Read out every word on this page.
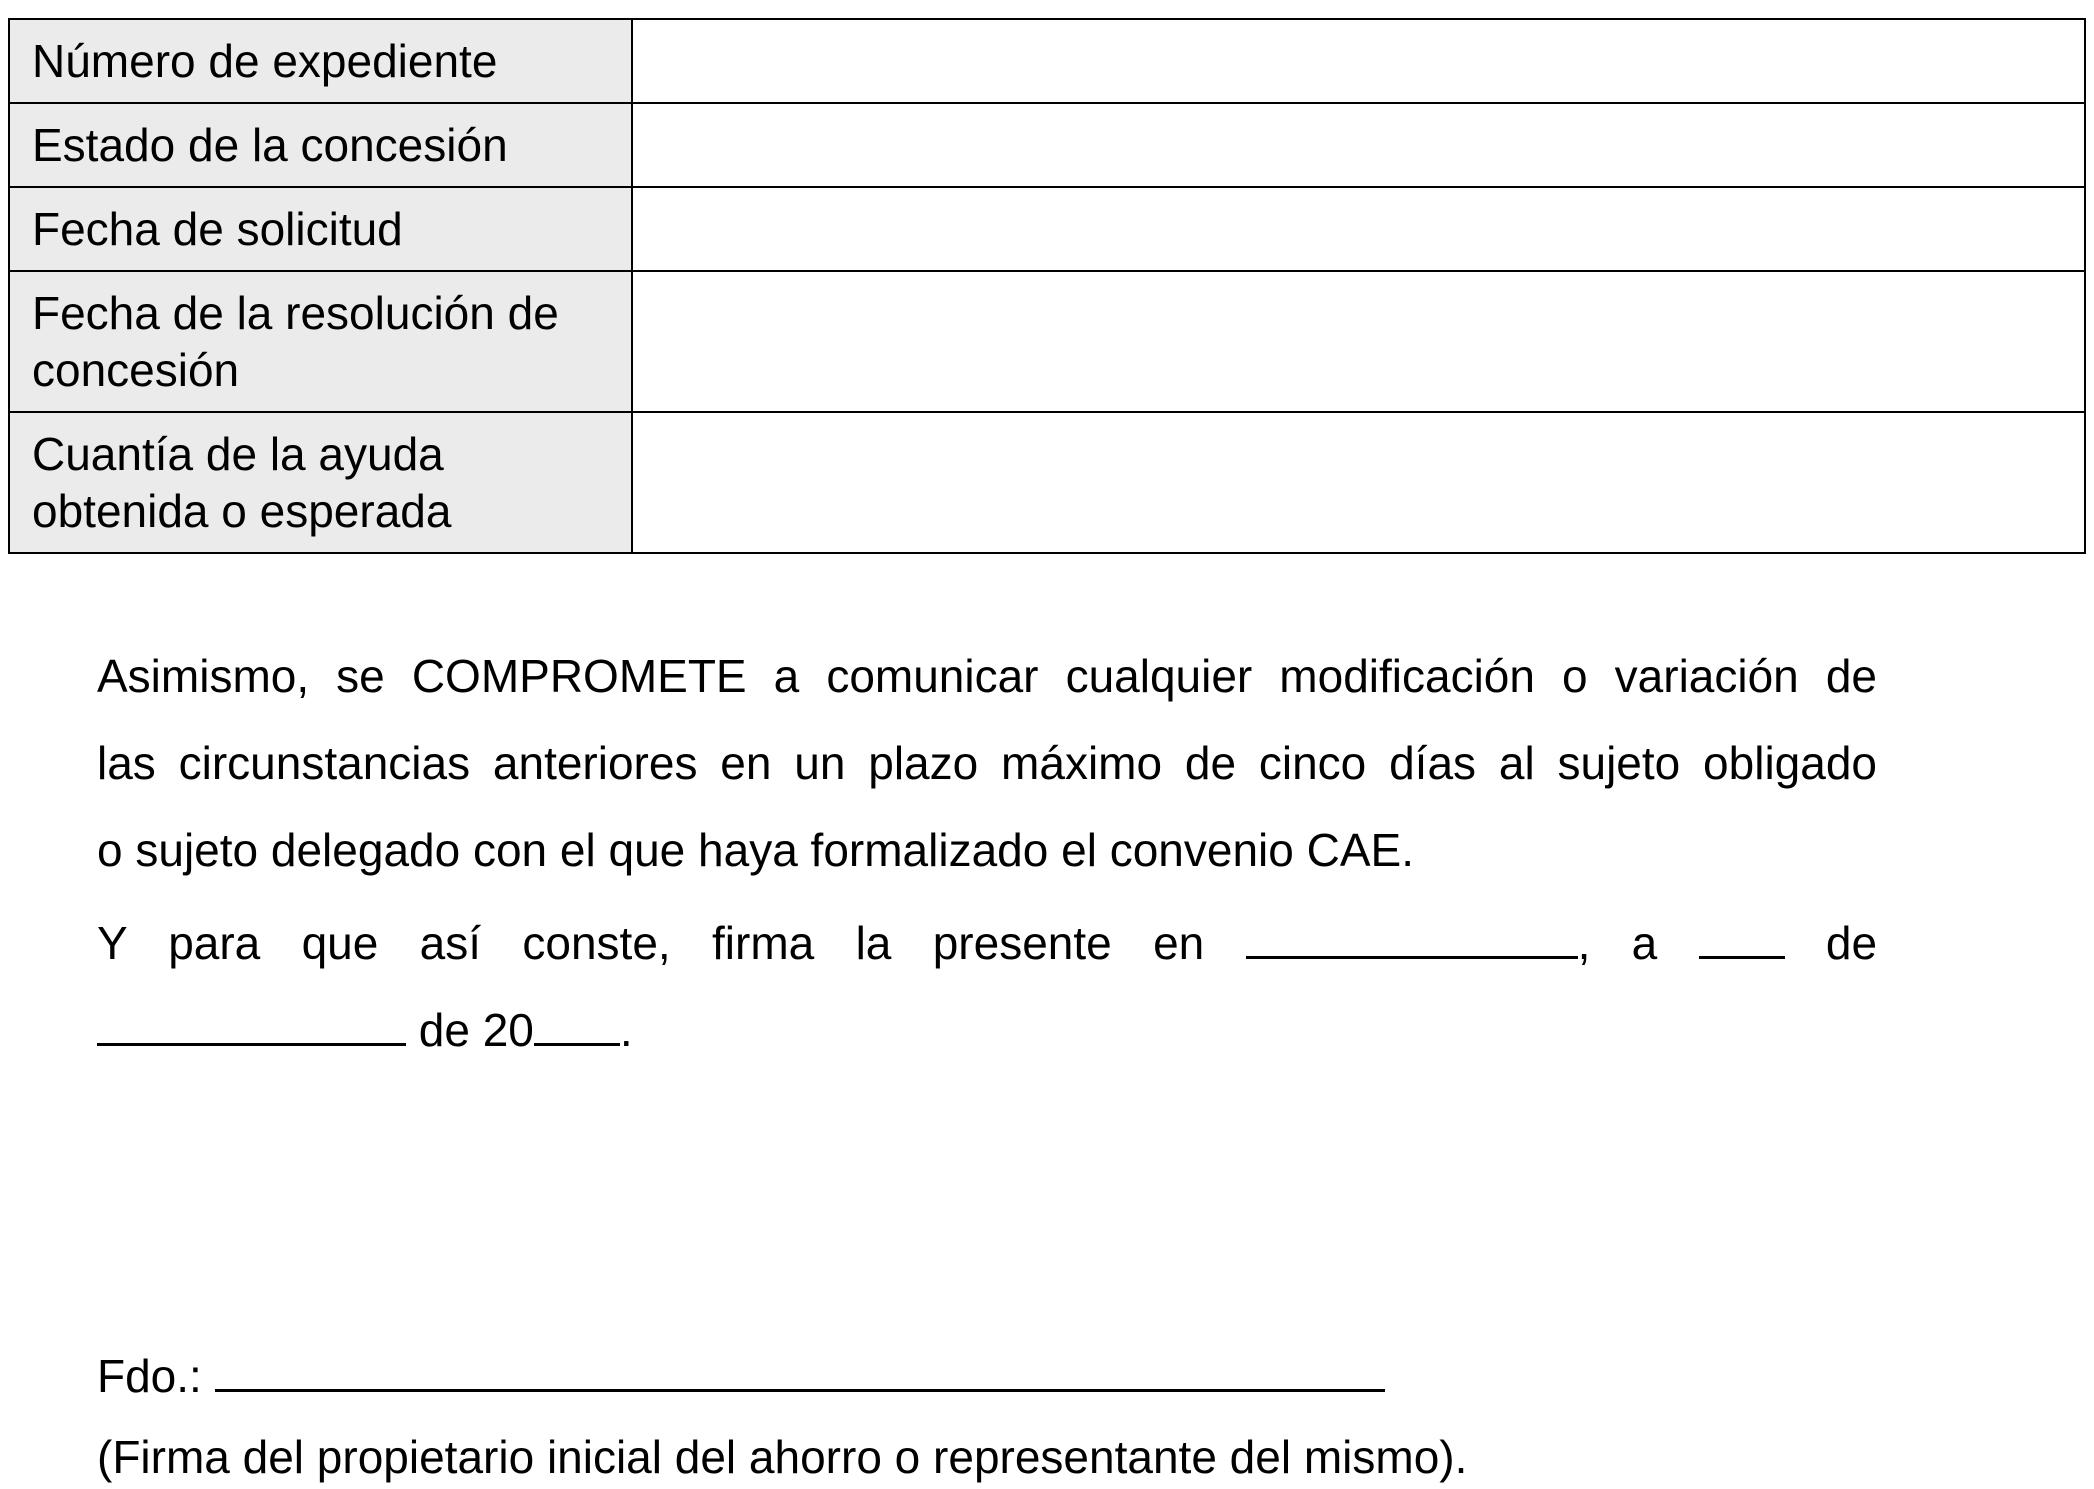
Número de expediente	
Estado de la concesión	
Fecha de solicitud	
Fecha de la resolución de
concesión	
Cuantía de la ayuda
obtenida o esperada	

Asimismo, se COMPROMETE a comunicar cualquier modificación o variación de

las circunstancias anteriores en un plazo máximo de cinco días al sujeto obligado

o sujeto delegado con el que haya formalizado el convenio CAE.

Y para que así conste, firma la presente en	, a	de

de 20 .

Fdo.:

(Firma del propietario inicial del ahorro o representante del mismo).
